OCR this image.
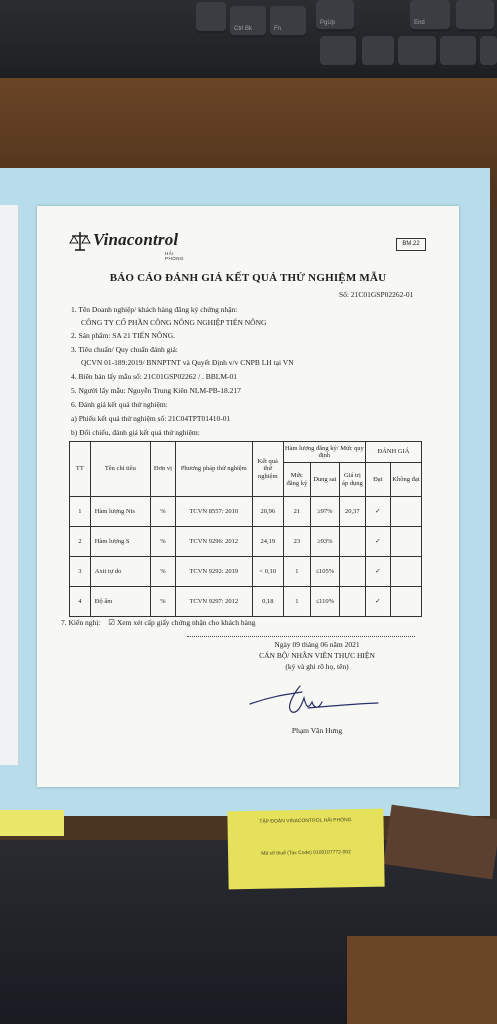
Ctrl Bk	Fn
PgUp	End
TẬP ĐOÀN VINACONTROL HẢI PHÒNG
Mã số thuế (Tax Code) 0100107772-002
Vinacontrol
HẢI PHÒNG
BM.22
BÁO CÁO ĐÁNH GIÁ KẾT QUẢ THỬ NGHIỆM MẪU
Số: 21C01GSP02262-01
1. Tên Doanh nghiệp/ khách hàng đăng ký chứng nhận:
CÔNG TY CỔ PHẦN CÔNG NÔNG NGHIỆP TIẾN NÔNG
2. Sản phẩm: SA 21 TIẾN NÔNG.
3. Tiêu chuẩn/ Quy chuẩn đánh giá:
QCVN 01-189:2019/ BNNPTNT và Quyết Định v/v CNPB LH tại VN
4. Biên bản lấy mẫu số: 21C01GSP02262 / . BBLM-01
5. Người lấy mẫu: Nguyễn Trung Kiên NLM-PB-18.217
6. Đánh giá kết quả thử nghiệm:
a) Phiếu kết quả thử nghiệm số: 21C04TPT01410-01
b) Đối chiếu, đánh giá kết quả thử nghiệm:
TT	Tên chỉ tiêu	Đơn vị	Phương pháp thử nghiệm	Kết quả thử nghiệm	Hàm lượng đăng ký/ Mức quy định			ĐÁNH GIÁ	
					Mức đăng ký	Dung sai	Giá trị áp dụng	Đạt	Không đạt
1	Hàm lượng Nts	%	TCVN 8557: 2010	20,96	21	≥97%	20,37	✓	
2	Hàm lượng S	%	TCVN 9296: 2012	24,19	23	≥93%		✓	
3	Axit tự do	%	TCVN 9292: 2019	< 0,10	1	≤105%		✓	
4	Độ ẩm	%	TCVN 9297: 2012	0,18	1	≤110%		✓	
7. Kiến nghị: ☑ Xem xét cấp giấy chứng nhận cho khách hàng
Ngày 09 tháng 06 năm 2021
CÁN BỘ/ NHÂN VIÊN THỰC HIỆN
(ký và ghi rõ họ, tên)
Phạm Văn Hưng
